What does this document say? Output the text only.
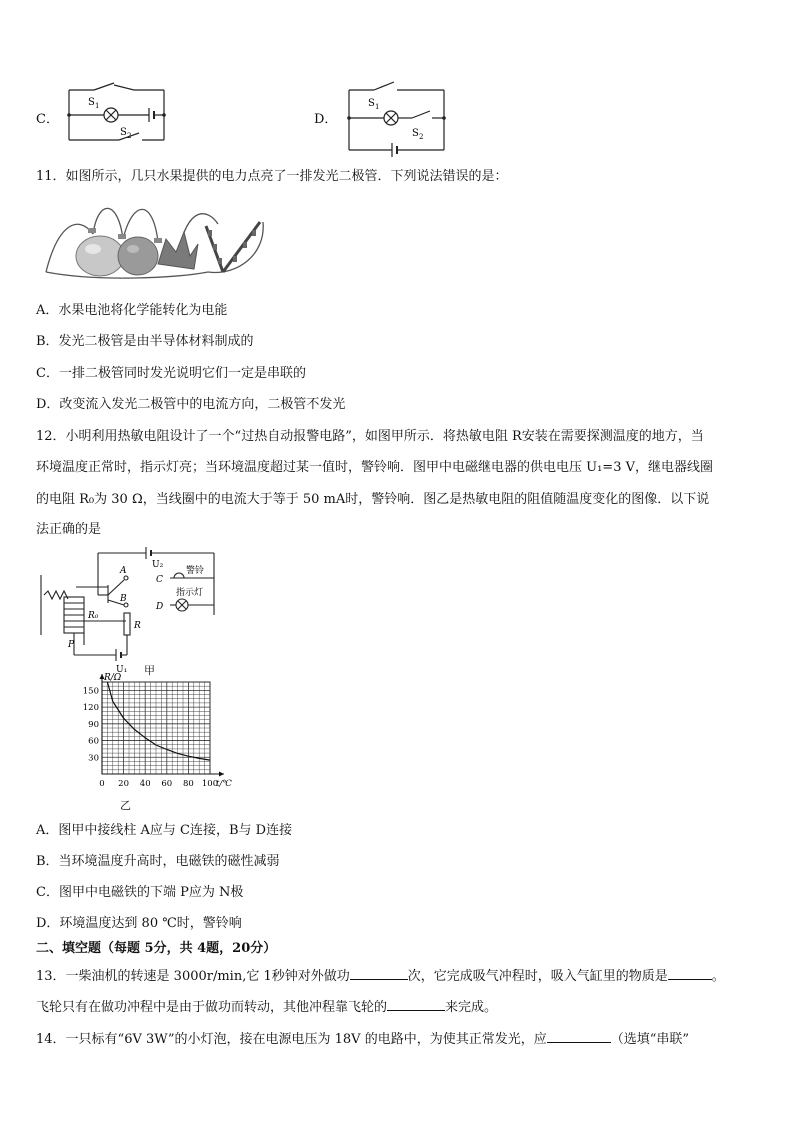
C．
S 1
S 2
D．
S 1
S 2
11．如图所示，几只水果提供的电力点亮了一排发光二极管．下列说法错误的是：
A．水果电池将化学能转化为电能
B．发光二极管是由半导体材料制成的
C．一排二极管同时发光说明它们一定是串联的
D．改变流入发光二极管中的电流方向，二极管不发光
12．小明利用热敏电阻设计了一个“过热自动报警电路”，如图甲所示．将热敏电阻 R安装在需要探测温度的地方，当
环境温度正常时，指示灯亮；当环境温度超过某一值时，警铃响．图甲中电磁继电器的供电电压 U₁=3 V，继电器线圈
的电阻 R₀为 30 Ω，当线圈中的电流大于等于 50 mA时，警铃响．图乙是热敏电阻的阻值随温度变化的图像．以下说
法正确的是
U₂
A
B
C
D
警铃
指示灯
R₀
R
P
U₁ 甲
0 20 40 60 80 100
30
60
90
120
150
t/℃
R/Ω
乙
A．图甲中接线柱 A应与 C连接，B与 D连接
B．当环境温度升高时，电磁铁的磁性减弱
C．图甲中电磁铁的下端 P应为 N极
D．环境温度达到 80 ℃时，警铃响
二、填空题（每题 5分，共 4题，20分）
13．一柴油机的转速是 3000r/min,它 1秒钟对外做功	次，它完成吸气冲程时，吸入气缸里的物质是	。
飞轮只有在做功冲程中是由于做功而转动，其他冲程靠飞轮的	来完成。
14．一只标有“6V 3W”的小灯泡，接在电源电压为 18V 的电路中，为使其正常发光，应	（选填“串联”
